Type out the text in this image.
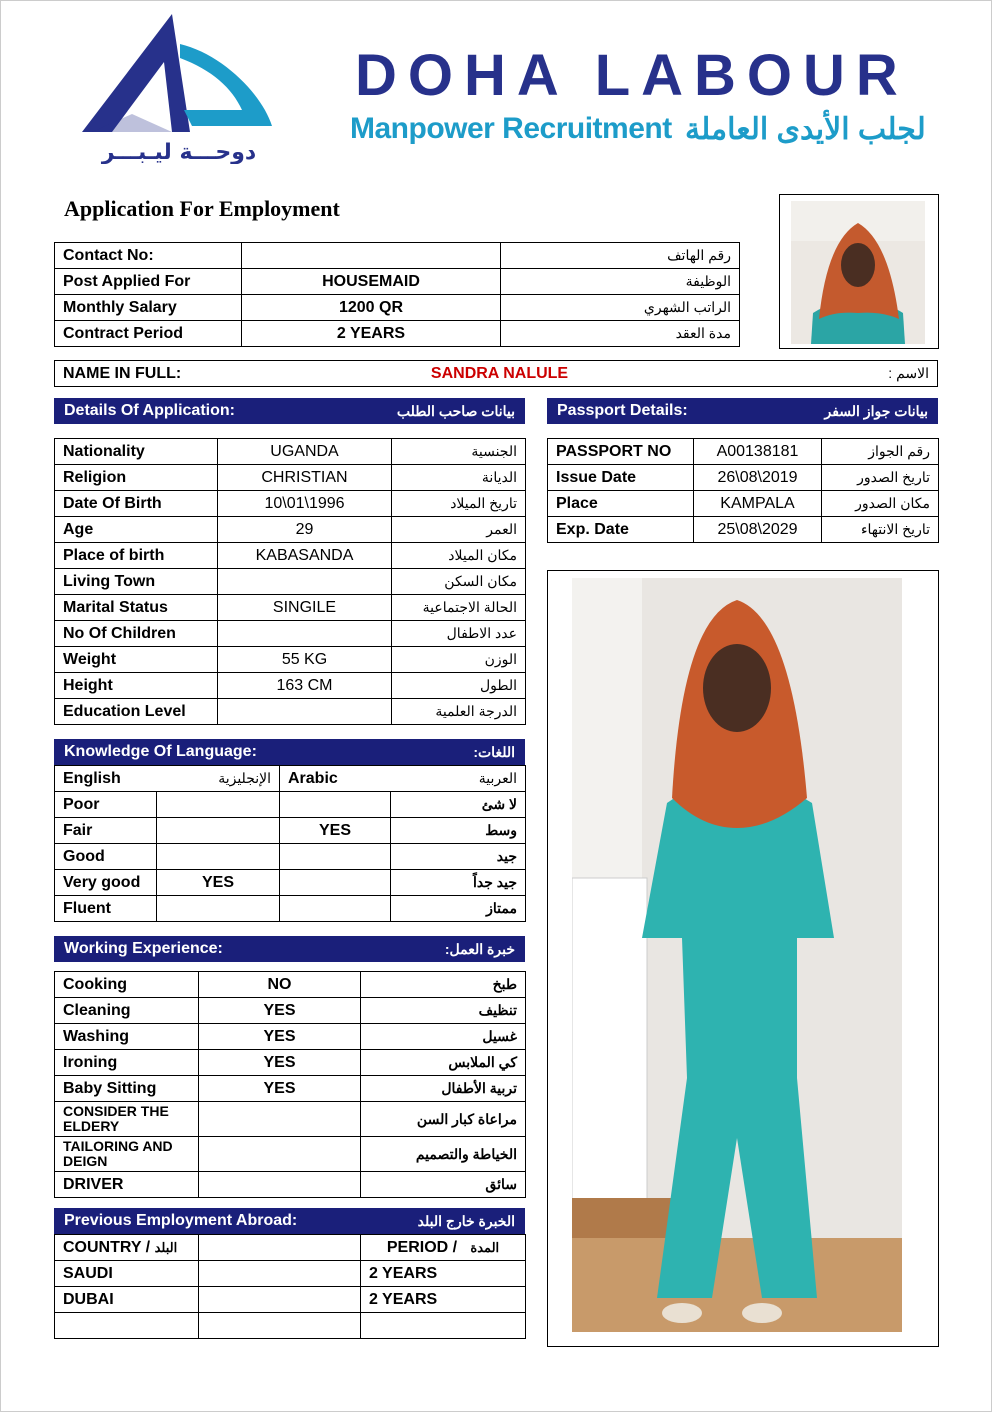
دوحـــة ليـبـــر
DOHA LABOUR
Manpower Recruitment لجلب الأيدى العاملة
Application For Employment
Contact No:		رقم الهاتف
Post Applied For	HOUSEMAID	الوظيفة
Monthly Salary	1200 QR	الراتب الشهري
Contract Period	2 YEARS	مدة العقد
NAME IN FULL:	SANDRA NALULE	الاسم :
Details Of Application:	بيانات صاحب الطلب
Nationality	UGANDA	الجنسية
Religion	CHRISTIAN	الديانة
Date Of Birth	10\01\1996	تاريخ الميلاد
Age	29	العمر
Place of birth	KABASANDA	مكان الميلاد
Living Town		مكان السكن
Marital Status	SINGILE	الحالة الاجتماعية
No Of Children		عدد الاطفال
Weight	55 KG	الوزن
Height	163 CM	الطول
Education Level		الدرجة العلمية
Passport Details:	بيانات جواز السفر
PASSPORT NO	A00138181	رقم الجواز
Issue Date	26\08\2019	تاريخ الصدور
Place	KAMPALA	مكان الصدور
Exp. Date	25\08\2029	تاريخ الانتهاء
Knowledge Of Language:	اللغات:
English	الإنجليزية	Arabic	العربية
Poor			لا شئ
Fair		YES	وسط
Good			جيد
Very good	YES		جيد جداً
Fluent			ممتاز
Working Experience:	خبرة العمل:
Cooking	NO	طبخ
Cleaning	YES	تنظيف
Washing	YES	غسيل
Ironing	YES	كي الملابس
Baby Sitting	YES	تربية الأطفال
CONSIDER THE ELDERY		مراعاة كبار السن
TAILORING AND DEIGN		الخياطة والتصميم
DRIVER		سائق
Previous Employment Abroad:	الخبرة خارج البلد
COUNTRY / البلد		PERIOD / المدة
SAUDI		2 YEARS
DUBAI		2 YEARS
